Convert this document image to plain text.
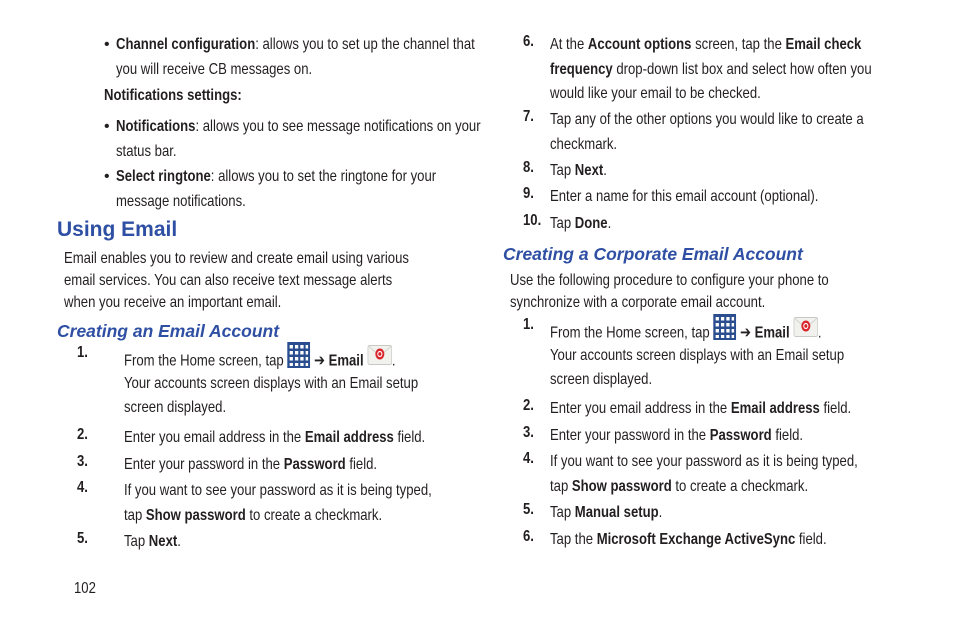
• Channel configuration: allows you to set up the channel that
you will receive CB messages on.
Notifications settings:
• Notifications: allows you to see message notifications on your
status bar.
• Select ringtone: allows you to set the ringtone for your
message notifications.
Using Email
Email enables you to review and create email using various
email services. You can also receive text message alerts
when you receive an important email.
Creating an Email Account
1. From the Home screen, tap  ➔ Email .
Your accounts screen displays with an Email setup
screen displayed.
2. Enter you email address in the Email address field.
3. Enter your password in the Password field.
4. If you want to see your password as it is being typed,
tap Show password to create a checkmark.
5. Tap Next.
102
6. At the Account options screen, tap the Email check
frequency drop-down list box and select how often you
would like your email to be checked.
7. Tap any of the other options you would like to create a
checkmark.
8. Tap Next.
9. Enter a name for this email account (optional).
10. Tap Done.
Creating a Corporate Email Account
Use the following procedure to configure your phone to
synchronize with a corporate email account.
1. From the Home screen, tap  ➔ Email .
Your accounts screen displays with an Email setup
screen displayed.
2. Enter you email address in the Email address field.
3. Enter your password in the Password field.
4. If you want to see your password as it is being typed,
tap Show password to create a checkmark.
5. Tap Manual setup.
6. Tap the Microsoft Exchange ActiveSync field.
